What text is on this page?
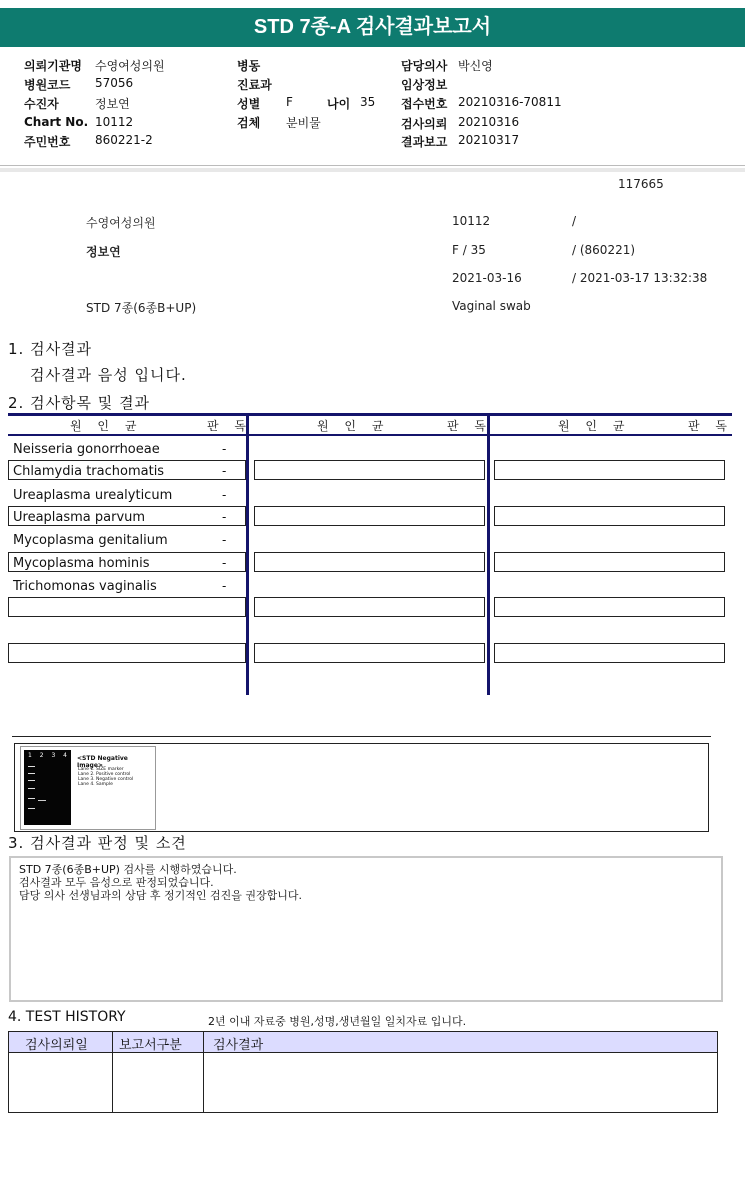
STD 7종-A 검사결과보고서
의뢰기관명 수영여성의원
병원코드 57056
수진자	정보연
Chart No. 10112
주민번호 860221-2
병동
진료과
성별 F	나이 35
검체 분비물
담당의사 박신영
임상정보
접수번호 20210316-70811
검사의뢰 20210316
결과보고 20210317
117665
수영여성의원	10112	/
정보연	F / 35	/ (860221)
2021-03-16	/ 2021-03-17 13:32:38
STD 7종(6종B+UP)	Vaginal swab
1. 검사결과
검사결과 음성 입니다.
2. 검사항목 및 결과
원 인 균	판 독	원 인 균	판 독	원 인 균	판 독
Neisseria gonorrhoeae	-
Chlamydia trachomatis	-
Ureaplasma urealyticum	-
Ureaplasma parvum	-
Mycoplasma genitalium	-
Mycoplasma hominis	-
Trichomonas vaginalis	-
1 2 3 4 <STD Negative Image>
Lane 1. SIZE marker
Lane 2. Positive control
Lane 3. Negative control
Lane 4. Sample
3. 검사결과 판정 및 소견
STD 7종(6종B+UP) 검사를 시행하였습니다.
검사결과 모두 음성으로 판정되었습니다.
담당 의사 선생님과의 상담 후 정기적인 검진을 권장합니다.
4. TEST HISTORY	2년 이내 자료중 병원,성명,생년월일 일치자료 입니다.
검사의뢰일 보고서구분 검사결과
